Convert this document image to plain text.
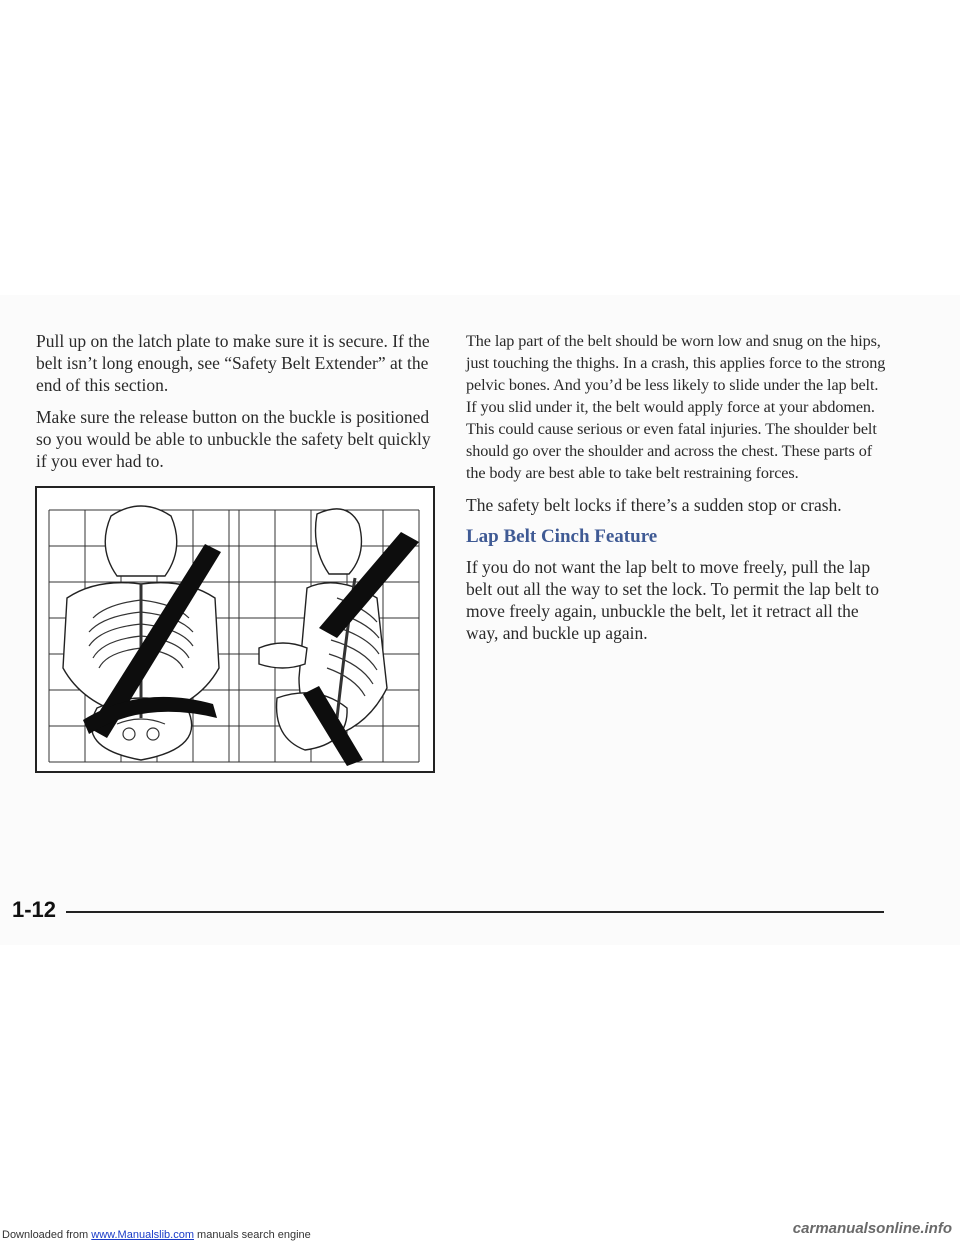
Pull up on the latch plate to make sure it is secure. If the belt isn’t long enough, see “Safety Belt Extender” at the end of this section.

Make sure the release button on the buckle is positioned so you would be able to unbuckle the safety belt quickly if you ever had to.

The lap part of the belt should be worn low and snug on the hips, just touching the thighs. In a crash, this applies force to the strong pelvic bones. And you’d be less likely to slide under the lap belt. If you slid under it, the belt would apply force at your abdomen. This could cause serious or even fatal injuries. The shoulder belt should go over the shoulder and across the chest. These parts of the body are best able to take belt restraining forces.

The safety belt locks if there’s a sudden stop or crash.

Lap Belt Cinch Feature

If you do not want the lap belt to move freely, pull the lap belt out all the way to set the lock. To permit the lap belt to move freely again, unbuckle the belt, let it retract all the way, and buckle up again.

1-12
Downloaded from www.Manualslib.com manuals search engine	carmanualsonline.info
